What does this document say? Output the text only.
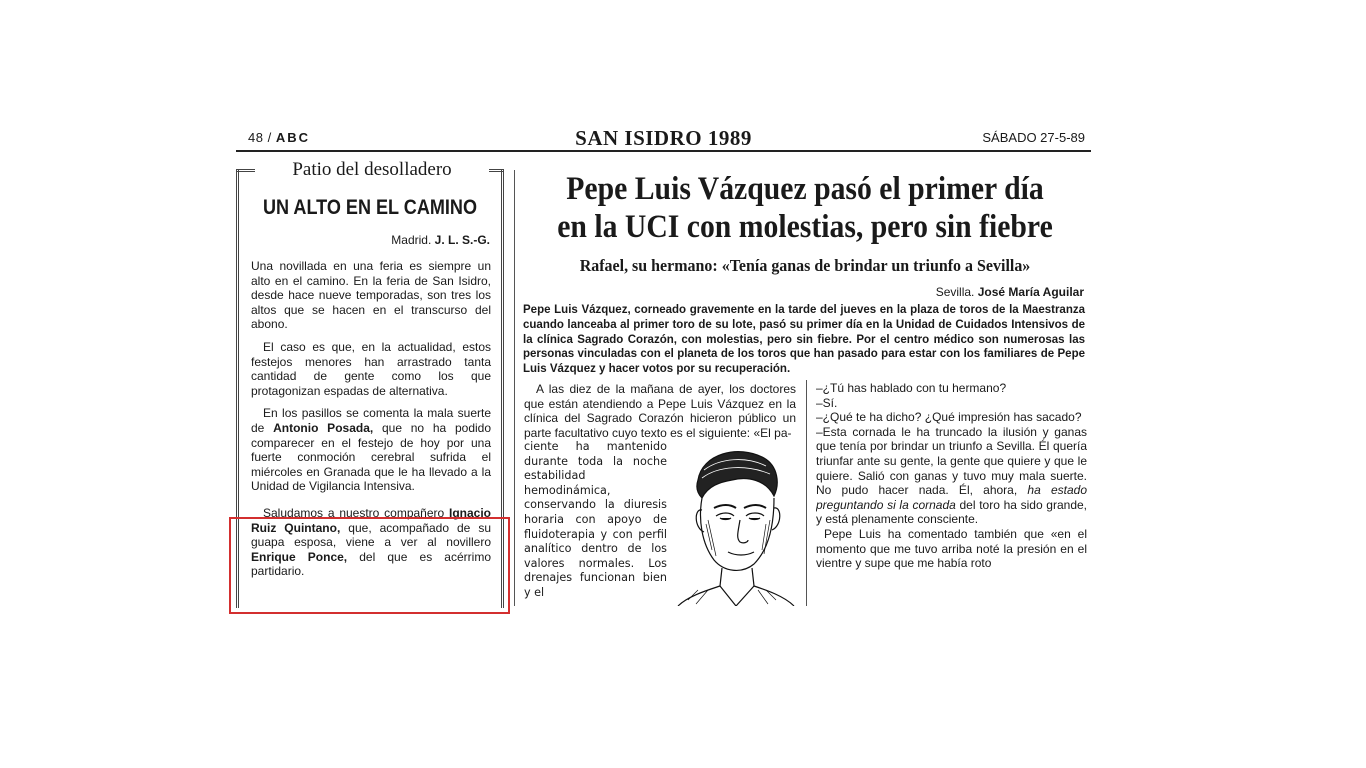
48 / ABC	SAN ISIDRO 1989	SÁBADO 27-5-89
Patio del desolladero
UN ALTO EN EL CAMINO
Madrid. J. L. S.-G.

Una novillada en una feria es siempre un alto en el camino. En la feria de San Isidro, desde hace nueve temporadas, son tres los altos que se hacen en el transcurso del abono.

El caso es que, en la actualidad, estos festejos menores han arrastrado tanta cantidad de gente como los que protagonizan espadas de alternativa.

En los pasillos se comenta la mala suerte de Antonio Posada, que no ha podido comparecer en el festejo de hoy por una fuerte conmoción cerebral sufrida el miércoles en Granada que le ha llevado a la Unidad de Vigilancia Intensiva.

Saludamos a nuestro compañero Ignacio Ruiz Quintano, que, acompañado de su guapa esposa, viene a ver al novillero Enrique Ponce, del que es acérrimo partidario.

Pepe Luis Vázquez pasó el primer día
en la UCI con molestias, pero sin fiebre
Rafael, su hermano: «Tenía ganas de brindar un triunfo a Sevilla»
Sevilla. José María Aguilar
Pepe Luis Vázquez, corneado gravemente en la tarde del jueves en la plaza de toros de la Maestranza cuando lanceaba al primer toro de su lote, pasó su primer día en la Unidad de Cuidados Intensivos de la clínica Sagrado Corazón, con molestias, pero sin fiebre. Por el centro médico son numerosas las personas vinculadas con el planeta de los toros que han pasado para estar con los familiares de Pepe Luis Vázquez y hacer votos por su recuperación.
A las diez de la mañana de ayer, los doctores que están atendiendo a Pepe Luis Vázquez en la clínica del Sagrado Corazón hicieron público un parte facultativo cuyo texto es el siguiente: «El pa-
ciente ha mantenido durante toda la noche estabilidad hemodinámica, conservando la diuresis horaria con apoyo de fluidoterapia y con perfil analítico dentro de los valores normales. Los drenajes funcionan bien y el

–¿Tú has hablado con tu hermano?

–Sí.

–¿Qué te ha dicho? ¿Qué impresión has sacado?

–Esta cornada le ha truncado la ilusión y ganas que tenía por brindar un triunfo a Sevilla. Él quería triunfar ante su gente, la gente que quiere y que le quiere. Salió con ganas y tuvo muy mala suerte. No pudo hacer nada. Él, ahora, ha estado preguntando si la cornada del toro ha sido grande, y está plenamente consciente.

Pepe Luis ha comentado también que «en el momento que me tuvo arriba noté la presión en el vientre y supe que me había roto
